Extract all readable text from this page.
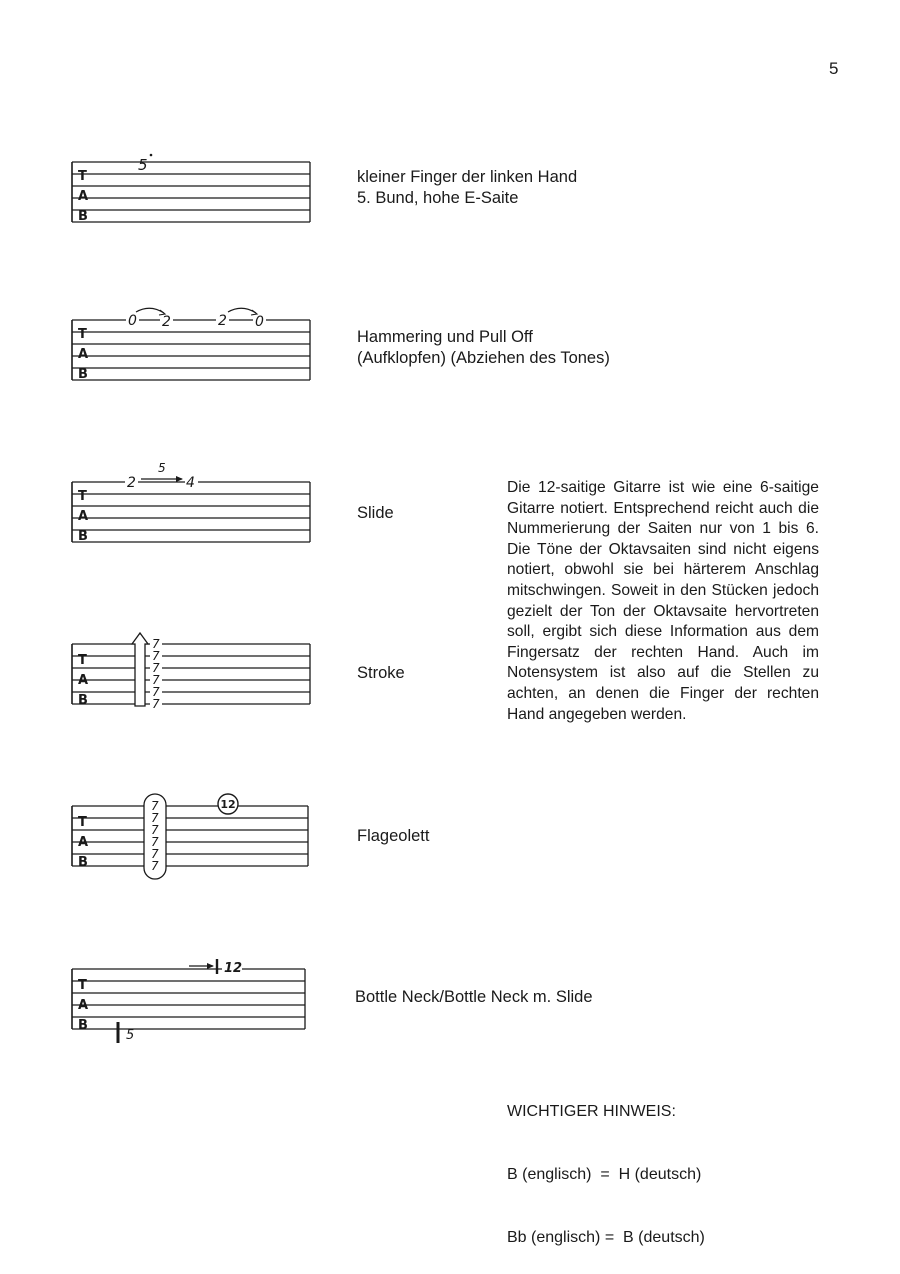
5
T
A
B
5
kleiner Finger der linken Hand
5. Bund, hohe E-Saite
T
A
B
0 2	2 0
Hammering und Pull Off
(Aufklopfen) (Abziehen des Tones)
T
A
B
2
5
4
Slide
T
A
B
7
7
7
7
7
7
Stroke
T
A
B
7
7
7
7
7
7
12
Flageolett
T
A
B
12
5
Bottle Neck/Bottle Neck m. Slide
Die 12-saitige Gitarre ist wie eine 6-saitige Gitarre notiert. Entsprechend reicht auch die Nummerierung der Saiten nur von 1 bis 6. Die Töne der Oktavsaiten sind nicht eigens notiert, obwohl sie bei härterem Anschlag mitschwingen. Soweit in den Stücken jedoch gezielt der Ton der Oktavsaite hervortreten soll, ergibt sich diese Information aus dem Fingersatz der rechten Hand. Auch im Notensystem ist also auf die Stellen zu achten, an denen die Finger der rechten Hand angegeben werden.

WICHTIGER HINWEIS:

B (englisch)  =  H (deutsch)

Bb (englisch) =  B (deutsch)
